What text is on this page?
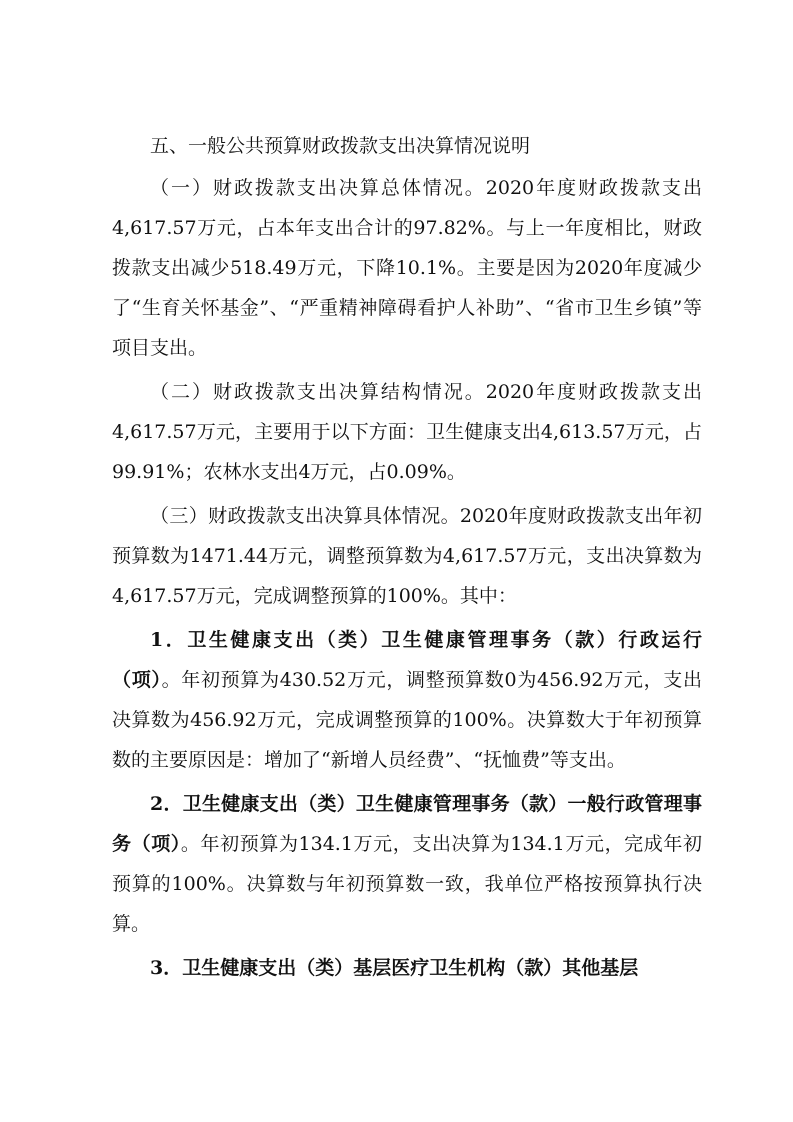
五、一般公共预算财政拨款支出决算情况说明

（一）财政拨款支出决算总体情况。2020年度财政拨款支出4,617.57万元，占本年支出合计的97.82%。与上一年度相比，财政拨款支出减少518.49万元，下降10.1%。主要是因为2020年度减少了“生育关怀基金”、“严重精神障碍看护人补助”、“省市卫生乡镇”等项目支出。

（二）财政拨款支出决算结构情况。2020年度财政拨款支出4,617.57万元，主要用于以下方面：卫生健康支出4,613.57万元，占99.91%；农林水支出4万元，占0.09%。

（三）财政拨款支出决算具体情况。2020年度财政拨款支出年初预算数为1471.44万元，调整预算数为4,617.57万元，支出决算数为4,617.57万元，完成调整预算的100%。其中：

1．卫生健康支出（类）卫生健康管理事务（款）行政运行（项）。年初预算为430.52万元，调整预算数0为456.92万元，支出决算数为456.92万元，完成调整预算的100%。决算数大于年初预算数的主要原因是：增加了“新增人员经费”、“抚恤费”等支出。

2．卫生健康支出（类）卫生健康管理事务（款）一般行政管理事务（项）。年初预算为134.1万元，支出决算为134.1万元，完成年初预算的100%。决算数与年初预算数一致，我单位严格按预算执行决算。

3．卫生健康支出（类）基层医疗卫生机构（款）其他基层
